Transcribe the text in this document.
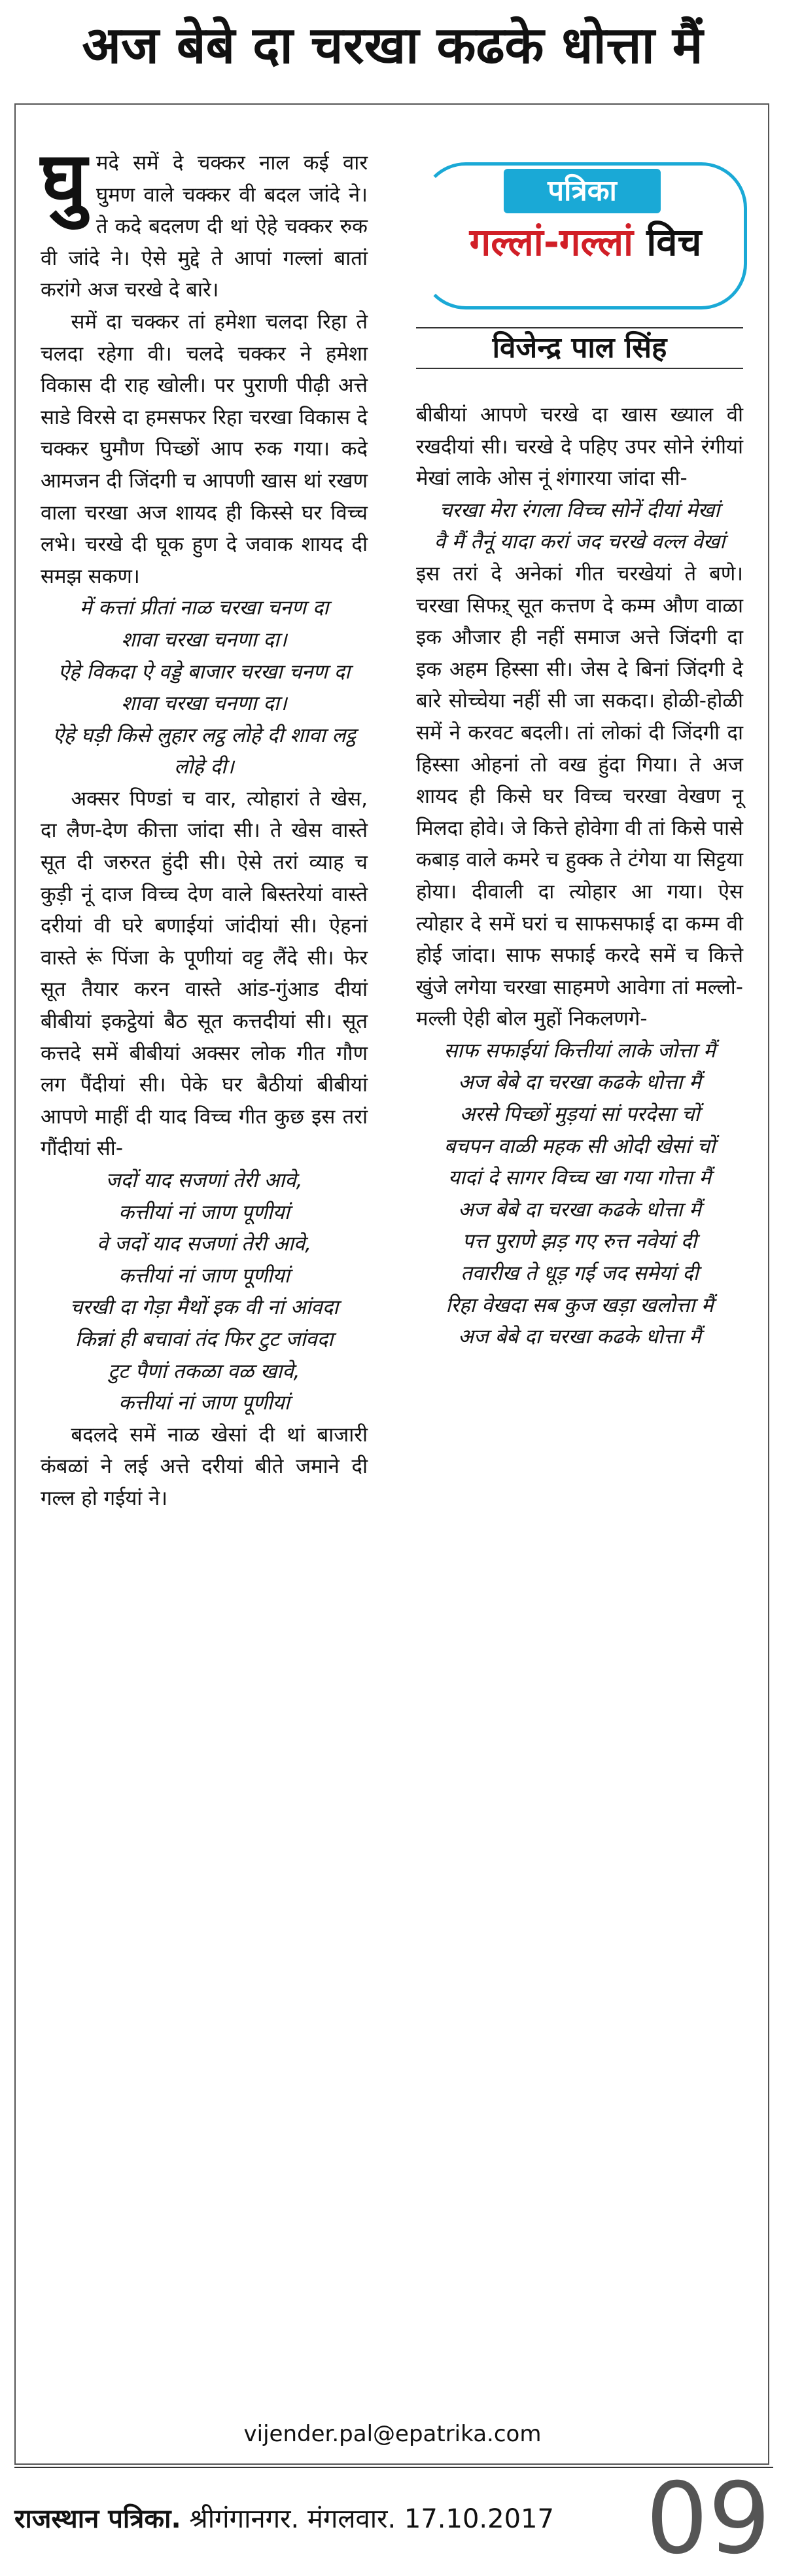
अज बेबे दा चरखा कढके धोत्ता मैं
पत्रिका
गल्लां-गल्लां विच
विजेन्द्र पाल सिंह

घुमदे समें दे चक्कर नाल कई वार घुमण वाले चक्कर वी बदल जांदे ने। ते कदे बदलण दी थां ऐहे चक्कर रुक वी जांदे ने। ऐसे मुद्दे ते आपां गल्लां बातां करांगे अज चरखे दे बारे।

समें दा चक्कर तां हमेशा चलदा रिहा ते चलदा रहेगा वी। चलदे चक्कर ने हमेशा विकास दी राह खोली। पर पुराणी पीढ़ी अत्ते साडे विरसे दा हमसफर रिहा चरखा विकास दे चक्कर घुमौण पिच्छों आप रुक गया। कदे आमजन दी जिंदगी च आपणी खास थां रखण वाला चरखा अज शायद ही किस्से घर विच्च लभे। चरखे दी घूक हुण दे जवाक शायद दी समझ सकण।

में कत्तां प्रीतां नाळ चरखा चनण दा

शावा चरखा चनणा दा।

ऐहे विकदा ऐ वड्डे बाजार चरखा चनण दा

शावा चरखा चनणा दा।

ऐहे घड़ी किसे लुहार लट्ठ लोहे दी शावा लट्ठ लोहे दी।

अक्सर पिण्डां च वार, त्योहारां ते खेस, दा लैण-देण कीत्ता जांदा सी। ते खेस वास्ते सूत दी जरुरत हुंदी सी। ऐसे तरां व्याह च कुड़ी नूं दाज विच्च देण वाले बिस्तरेयां वास्ते दरीयां वी घरे बणाईयां जांदीयां सी। ऐहनां वास्ते रूं पिंजा के पूणीयां वट्ट लैंदे सी। फेर सूत तैयार करन वास्ते आंड-गुंआड दीयां बीबीयां इकट्ठेयां बैठ सूत कत्तदीयां सी। सूत कत्तदे समें बीबीयां अक्सर लोक गीत गौण लग पैंदीयां सी। पेके घर बैठीयां बीबीयां आपणे माहीं दी याद विच्च गीत कुछ इस तरां गौंदीयां सी-

जदों याद सजणां तेरी आवे,

कत्तीयां नां जाण पूणीयां

वे जदों याद सजणां तेरी आवे,

कत्तीयां नां जाण पूणीयां

चरखी दा गेड़ा मैथों इक वी नां आंवदा

किन्नां ही बचावां तंद फिर टुट जांवदा

टुट पैणां तकळा वळ खावे,

कत्तीयां नां जाण पूणीयां

बदलदे समें नाळ खेसां दी थां बाजारी कंबळां ने लई अत्ते दरीयां बीते जमाने दी गल्ल हो गईयां ने।

बीबीयां आपणे चरखे दा खास ख्याल वी रखदीयां सी। चरखे दे पहिए उपर सोने रंगीयां मेखां लाके ओस नूं शंगारया जांदा सी-

चरखा मेरा रंगला विच्च सोनें दीयां मेखां

वै मैं तैनूं यादा करां जद चरखे वल्ल वेखां

इस तरां दे अनेकां गीत चरखेयां ते बणे। चरखा सिफऱ् सूत कत्तण दे कम्म औण वाळा इक औजार ही नहीं समाज अत्ते जिंदगी दा इक अहम हिस्सा सी। जेस दे बिनां जिंदगी दे बारे सोच्चेया नहीं सी जा सकदा। होळी-होळी समें ने करवट बदली। तां लोकां दी जिंदगी दा हिस्सा ओहनां तो वख हुंदा गिया। ते अज शायद ही किसे घर विच्च चरखा वेखण नू मिलदा होवे। जे कित्ते होवेगा वी तां किसे पासे कबाड़ वाले कमरे च हुक्क ते टंगेया या सिट्टया होया। दीवाली दा त्योहार आ गया। ऐस त्योहार दे समें घरां च साफसफाई दा कम्म वी होई जांदा। साफ सफाई करदे समें च कित्ते खुंजे लगेया चरखा साहमणे आवेगा तां मल्लो-मल्ली ऐही बोल मुहों निकलणगे-

साफ सफाईयां कित्तीयां लाके जोत्ता मैं

अज बेबे दा चरखा कढके धोत्ता मैं

अरसे पिच्छों मुड़यां सां परदेसा चों

बचपन वाळी महक सी ओदी खेसां चों

यादां दे सागर विच्च खा गया गोत्ता मैं

अज बेबे दा चरखा कढके धोत्ता मैं

पत्त पुराणे झड़ गए रुत्त नवेयां दी

तवारीख ते धूड़ गई जद समेयां दी

रिहा वेखदा सब कुज खड़ा खलोत्ता मैं

अज बेबे दा चरखा कढके धोत्ता मैं

vijender.pal@epatrika.com
राजस्थान पत्रिका. श्रीगंगानगर. मंगलवार. 17.10.2017 09
